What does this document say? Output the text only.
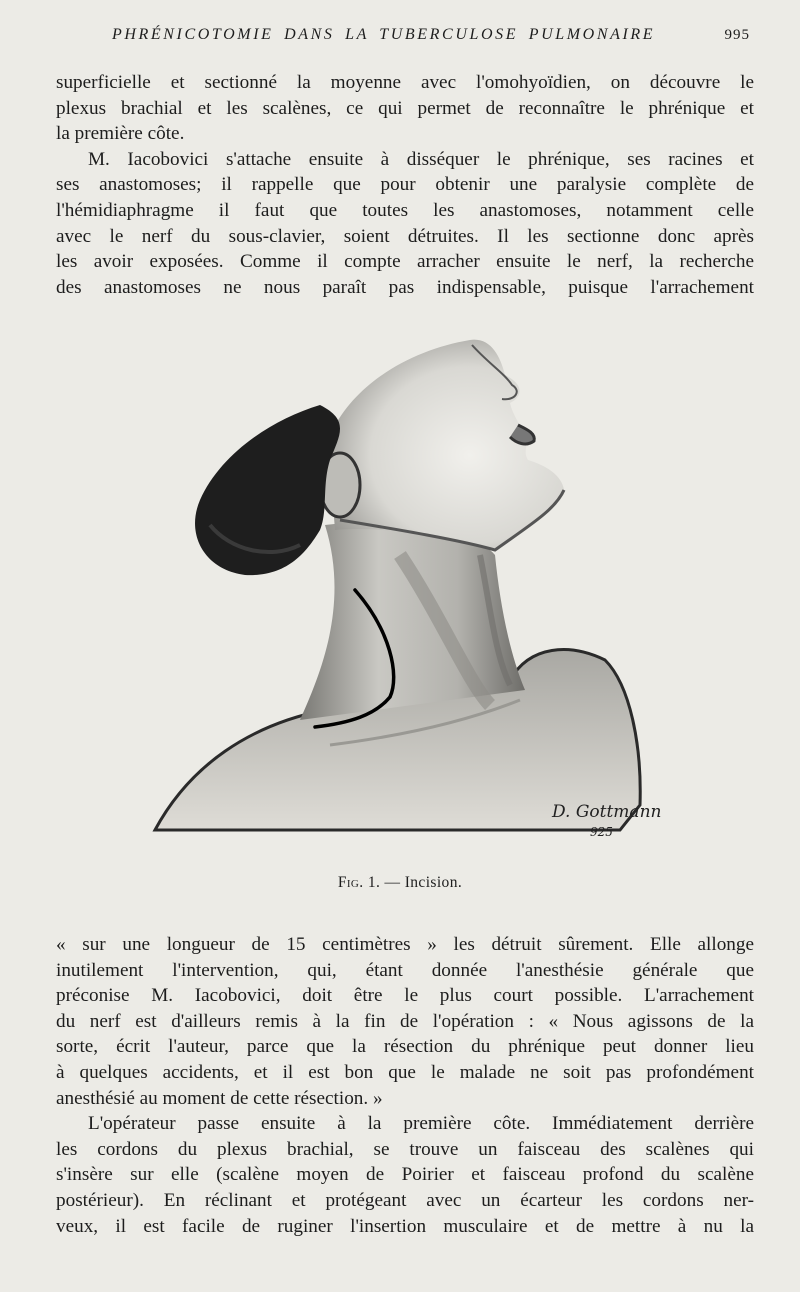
PHRÉNICOTOMIE DANS LA TUBERCULOSE PULMONAIRE	995
superficielle et sectionné la moyenne avec l'omohyoïdien, on découvre le
plexus brachial et les scalènes, ce qui permet de reconnaître le phrénique et
la première côte.
M. Iacobovici s'attache ensuite à disséquer le phrénique, ses racines et
ses anastomoses; il rappelle que pour obtenir une paralysie complète de
l'hémidiaphragme il faut que toutes les anastomoses, notamment celle
avec le nerf du sous-clavier, soient détruites. Il les sectionne donc après
les avoir exposées. Comme il compte arracher ensuite le nerf, la recherche
des anastomoses ne nous paraît pas indispensable, puisque l'arrachement
D. Gottmann
925
Fig. 1. — Incision.
« sur une longueur de 15 centimètres » les détruit sûrement. Elle allonge
inutilement l'intervention, qui, étant donnée l'anesthésie générale que
préconise M. Iacobovici, doit être le plus court possible. L'arrachement
du nerf est d'ailleurs remis à la fin de l'opération : « Nous agissons de la
sorte, écrit l'auteur, parce que la résection du phrénique peut donner lieu
à quelques accidents, et il est bon que le malade ne soit pas profondément
anesthésié au moment de cette résection. »
L'opérateur passe ensuite à la première côte. Immédiatement derrière
les cordons du plexus brachial, se trouve un faisceau des scalènes qui
s'insère sur elle (scalène moyen de Poirier et faisceau profond du scalène
postérieur). En réclinant et protégeant avec un écarteur les cordons ner-
veux, il est facile de ruginer l'insertion musculaire et de mettre à nu la
